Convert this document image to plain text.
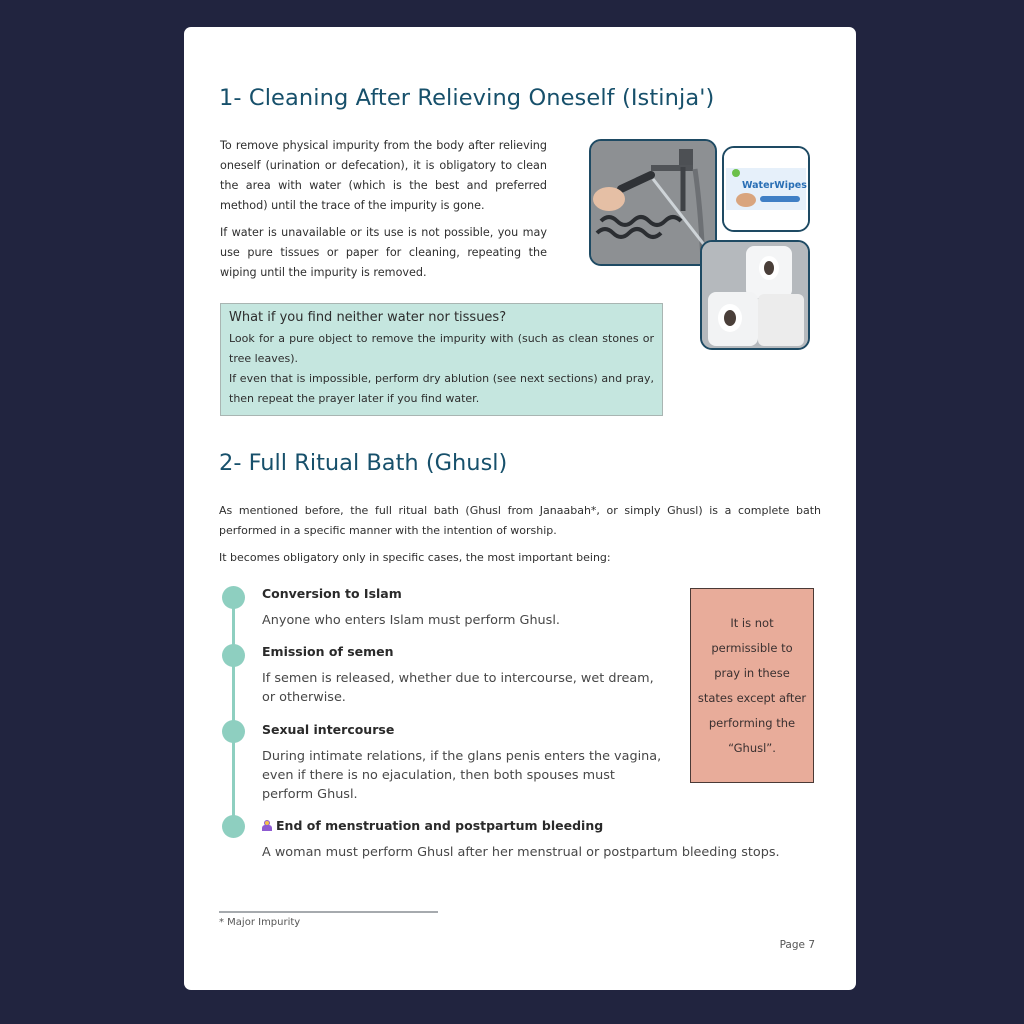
1- Cleaning After Relieving Oneself (Istinja')

To remove physical impurity from the body after relieving oneself (urination or defecation), it is obligatory to clean the area with water (which is the best and preferred method) until the trace of the impurity is gone.

If water is unavailable or its use is not possible, you may use pure tissues or paper for cleaning, repeating the wiping until the impurity is removed.

WaterWipes
What if you find neither water nor tissues?

Look for a pure object to remove the impurity with (such as clean stones or tree leaves).

If even that is impossible, perform dry ablution (see next sections) and pray, then repeat the prayer later if you find water.

2- Full Ritual Bath (Ghusl)

As mentioned before, the full ritual bath (Ghusl from Janaabah*, or simply Ghusl) is a complete bath performed in a specific manner with the intention of worship.

It becomes obligatory only in specific cases, the most important being:

Conversion to Islam

Anyone who enters Islam must perform Ghusl.

Emission of semen

If semen is released, whether due to intercourse, wet dream, or otherwise.

Sexual intercourse

During intimate relations, if the glans penis enters the vagina, even if there is no ejaculation, then both spouses must perform Ghusl.

End of menstruation and postpartum bleeding

A woman must perform Ghusl after her menstrual or postpartum bleeding stops.

It is not permissible to pray in these states except after performing the “Ghusl”.

* Major Impurity

Page 7
